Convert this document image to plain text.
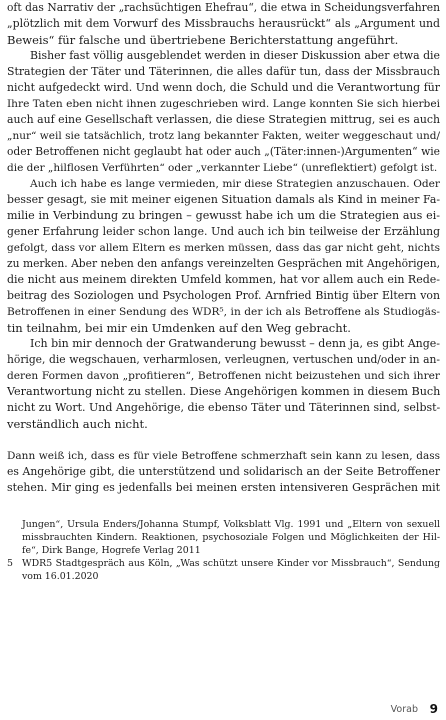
oft das Narrativ der „rachsüchtigen Ehefrau“, die etwa in Scheidungsverfahren
„plötzlich mit dem Vorwurf des Missbrauchs herausrückt“ als „Argument und
Beweis“ für falsche und übertriebene Berichterstattung angeführt.
Bisher fast völlig ausgeblendet werden in dieser Diskussion aber etwa die
Strategien der Täter und Täterinnen, die alles dafür tun, dass der Missbrauch
nicht aufgedeckt wird. Und wenn doch, die Schuld und die Verantwortung für
Ihre Taten eben nicht ihnen zugeschrieben wird. Lange konnten Sie sich hierbei
auch auf eine Gesellschaft verlassen, die diese Strategien mittrug, sei es auch
„nur“ weil sie tatsächlich, trotz lang bekannter Fakten, weiter weggeschaut und/
oder Betroffenen nicht geglaubt hat oder auch „(Täter:innen-)Argumenten“ wie
die der „hilflosen Verführten“ oder „verkannter Liebe“ (unreflektiert) gefolgt ist.
Auch ich habe es lange vermieden, mir diese Strategien anzuschauen. Oder
besser gesagt, sie mit meiner eigenen Situation damals als Kind in meiner Fa-
milie in Verbindung zu bringen – gewusst habe ich um die Strategien aus ei-
gener Erfahrung leider schon lange. Und auch ich bin teilweise der Erzählung
gefolgt, dass vor allem Eltern es merken müssen, dass das gar nicht geht, nichts
zu merken. Aber neben den anfangs vereinzelten Gesprächen mit Angehörigen,
die nicht aus meinem direkten Umfeld kommen, hat vor allem auch ein Rede-
beitrag des Soziologen und Psychologen Prof. Arnfried Bintig über Eltern von
Betroffenen in einer Sendung des WDR⁵, in der ich als Betroffene als Studiogäs-
tin teilnahm, bei mir ein Umdenken auf den Weg gebracht.
Ich bin mir dennoch der Gratwanderung bewusst – denn ja, es gibt Ange-
hörige, die wegschauen, verharmlosen, verleugnen, vertuschen und/oder in an-
deren Formen davon „profitieren“, Betroffenen nicht beizustehen und sich ihrer
Verantwortung nicht zu stellen. Diese Angehörigen kommen in diesem Buch
nicht zu Wort. Und Angehörige, die ebenso Täter und Täterinnen sind, selbst-
verständlich auch nicht.
Dann weiß ich, dass es für viele Betroffene schmerzhaft sein kann zu lesen, dass
es Angehörige gibt, die unterstützend und solidarisch an der Seite Betroffener
stehen. Mir ging es jedenfalls bei meinen ersten intensiveren Gesprächen mit
Jungen“, Ursula Enders/Johanna Stumpf, Volksblatt Vlg. 1991 und „Eltern von sexuell
missbrauchten Kindern. Reaktionen, psychosoziale Folgen und Möglichkeiten der Hil-
fe“, Dirk Bange, Hogrefe Verlag 2011
5 WDR5 Stadtgespräch aus Köln, „Was schützt unsere Kinder vor Missbrauch“, Sendung
vom 16.01.2020
Vorab 9
